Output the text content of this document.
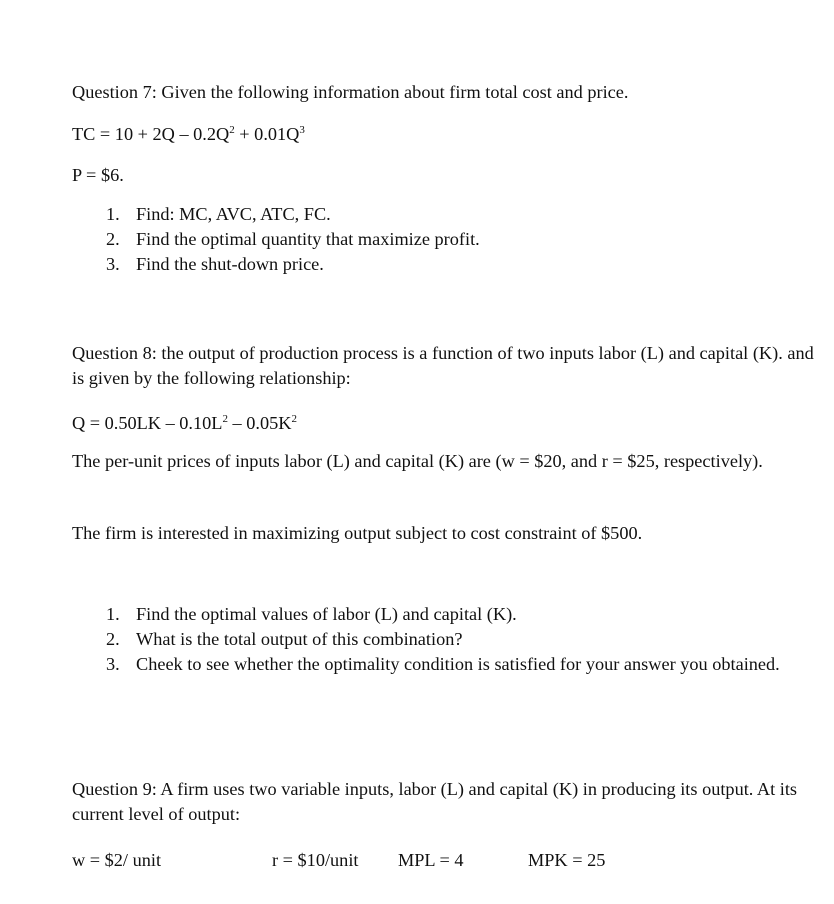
Question 7: Given the following information about firm total cost and price.

TC = $10 + 2Q - 0.2Q^2 + 0.01Q^3$

P = $6.

1. Find: MC, AVC, ATC, FC.
2. Find the optimal quantity that maximize profit.
3. Find the shut-down price.

Question 8: the output of production process is a function of two inputs labor (L) and capital (K). and is given by the following relationship:

$Q = 0.50LK - 0.10L^2 - 0.05K^2$

The per-unit prices of inputs labor (L) and capital (K) are (w = $20, and r = $25, respectively).

The firm is interested in maximizing output subject to cost constraint of $500.

1. Find the optimal values of labor (L) and capital (K).
2. What is the total output of this combination?
3. Cheek to see whether the optimality condition is satisfied for your answer you obtained.

Question 9: A firm uses two variable inputs, labor (L) and capital (K) in producing its output. At its current level of output:

w = $2/ unit	r = $10/unit MPL = 4	MPK = 25
